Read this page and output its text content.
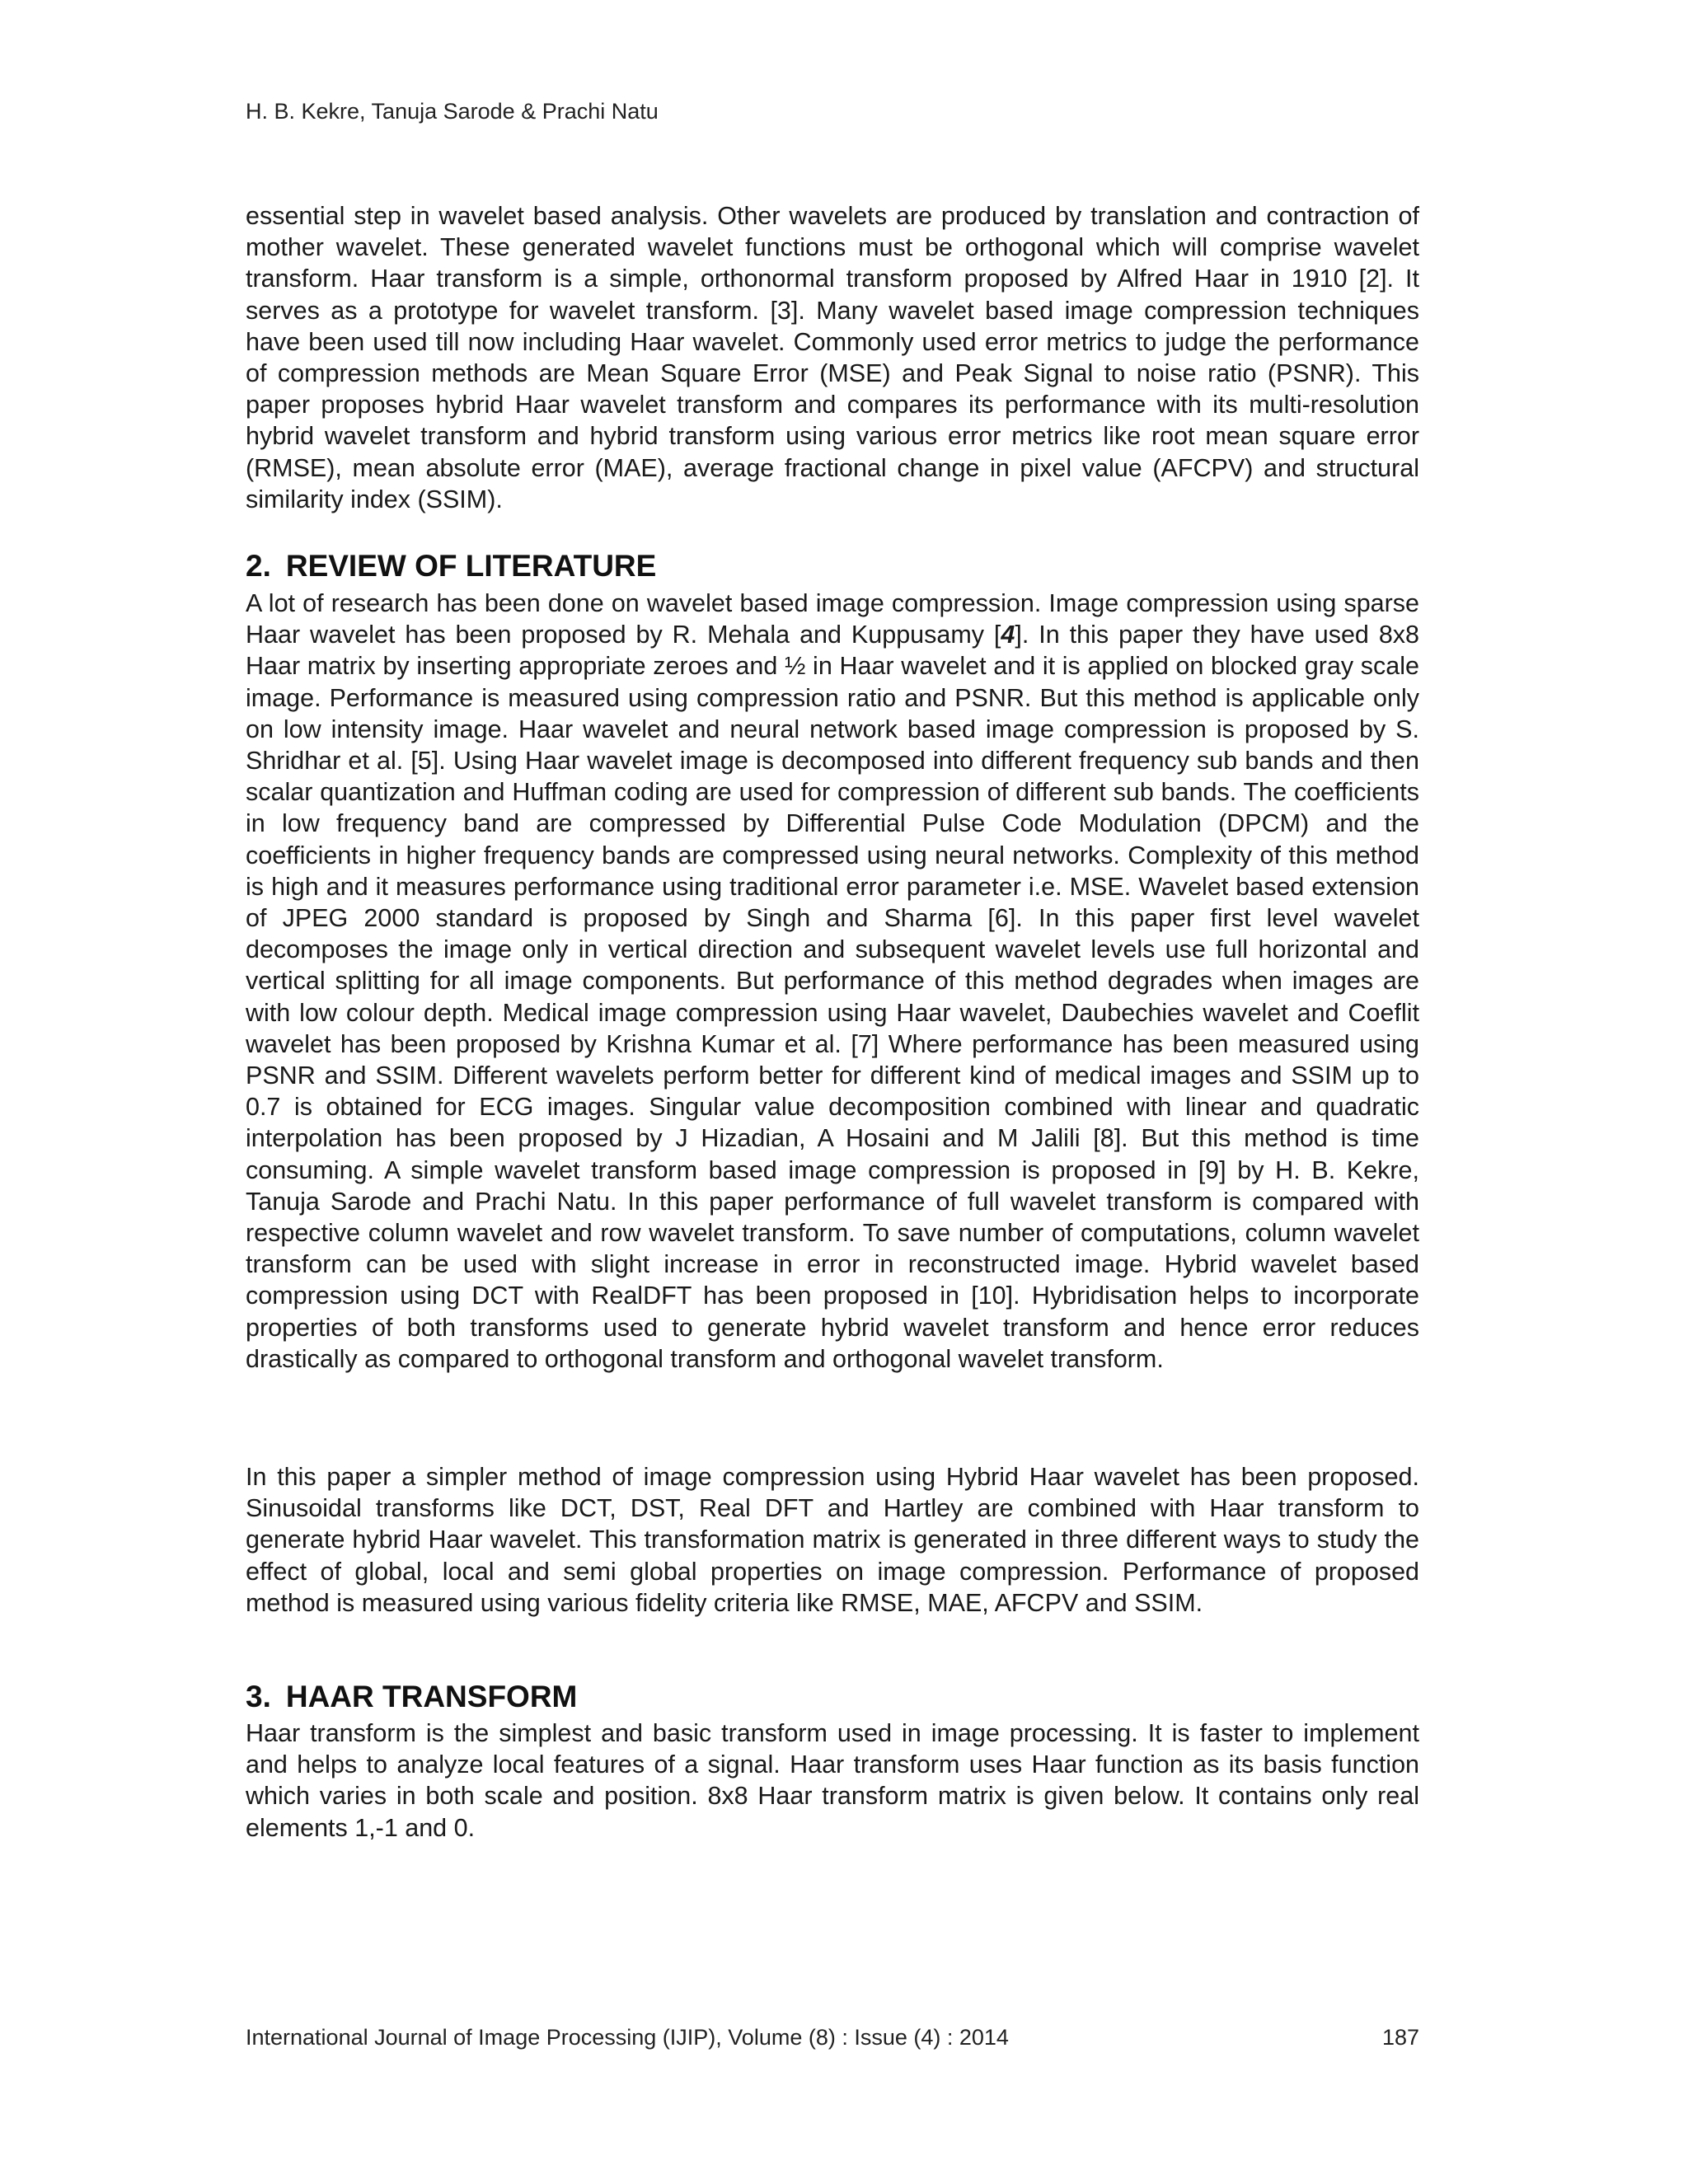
H. B. Kekre, Tanuja Sarode & Prachi Natu

essential step in wavelet based analysis. Other wavelets are produced by translation and contraction of mother wavelet. These generated wavelet functions must be orthogonal which will comprise wavelet transform. Haar transform is a simple, orthonormal transform proposed by Alfred Haar in 1910 [2]. It serves as a prototype for wavelet transform. [3]. Many wavelet based image compression techniques have been used till now including Haar wavelet. Commonly used error metrics to judge the performance of compression methods are Mean Square Error (MSE) and Peak Signal to noise ratio (PSNR). This paper proposes hybrid Haar wavelet transform and compares its performance with its multi-resolution hybrid wavelet transform and hybrid transform using various error metrics like root mean square error (RMSE), mean absolute error (MAE), average fractional change in pixel value (AFCPV) and structural similarity index (SSIM).

2. REVIEW OF LITERATURE

A lot of research has been done on wavelet based image compression. Image compression using sparse Haar wavelet has been proposed by R. Mehala and Kuppusamy [4]. In this paper they have used 8x8 Haar matrix by inserting appropriate zeroes and ½ in Haar wavelet and it is applied on blocked gray scale image. Performance is measured using compression ratio and PSNR. But this method is applicable only on low intensity image. Haar wavelet and neural network based image compression is proposed by S. Shridhar et al. [5]. Using Haar wavelet image is decomposed into different frequency sub bands and then scalar quantization and Huffman coding are used for compression of different sub bands. The coefficients in low frequency band are compressed by Differential Pulse Code Modulation (DPCM) and the coefficients in higher frequency bands are compressed using neural networks. Complexity of this method is high and it measures performance using traditional error parameter i.e. MSE. Wavelet based extension of JPEG 2000 standard is proposed by Singh and Sharma [6]. In this paper first level wavelet decomposes the image only in vertical direction and subsequent wavelet levels use full horizontal and vertical splitting for all image components. But performance of this method degrades when images are with low colour depth. Medical image compression using Haar wavelet, Daubechies wavelet and Coeflit wavelet has been proposed by Krishna Kumar et al. [7] Where performance has been measured using PSNR and SSIM. Different wavelets perform better for different kind of medical images and SSIM up to 0.7 is obtained for ECG images. Singular value decomposition combined with linear and quadratic interpolation has been proposed by J Hizadian, A Hosaini and M Jalili [8]. But this method is time consuming. A simple wavelet transform based image compression is proposed in [9] by H. B. Kekre, Tanuja Sarode and Prachi Natu. In this paper performance of full wavelet transform is compared with respective column wavelet and row wavelet transform. To save number of computations, column wavelet transform can be used with slight increase in error in reconstructed image. Hybrid wavelet based compression using DCT with RealDFT has been proposed in [10]. Hybridisation helps to incorporate properties of both transforms used to generate hybrid wavelet transform and hence error reduces drastically as compared to orthogonal transform and orthogonal wavelet transform.

In this paper a simpler method of image compression using Hybrid Haar wavelet has been proposed. Sinusoidal transforms like DCT, DST, Real DFT and Hartley are combined with Haar transform to generate hybrid Haar wavelet. This transformation matrix is generated in three different ways to study the effect of global, local and semi global properties on image compression. Performance of proposed method is measured using various fidelity criteria like RMSE, MAE, AFCPV and SSIM.

3. HAAR TRANSFORM

Haar transform is the simplest and basic transform used in image processing. It is faster to implement and helps to analyze local features of a signal. Haar transform uses Haar function as its basis function which varies in both scale and position. 8x8 Haar transform matrix is given below. It contains only real elements 1,-1 and 0.

International Journal of Image Processing (IJIP), Volume (8) : Issue (4) : 2014	187
